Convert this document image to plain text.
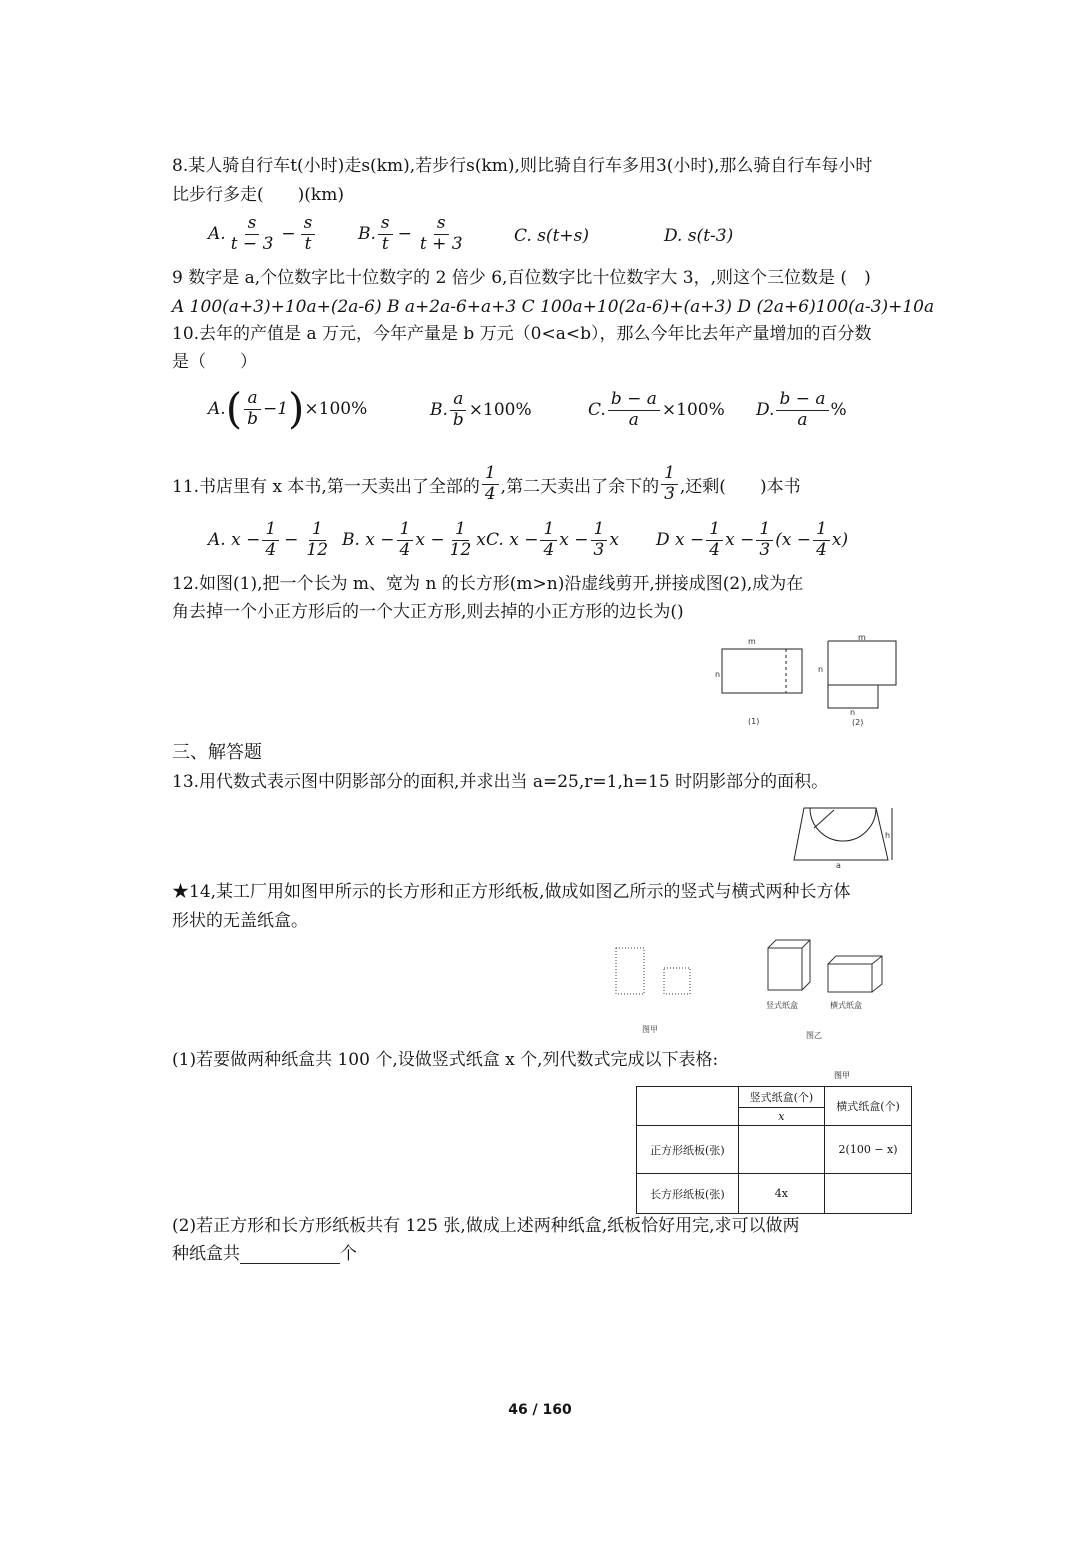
8.某人骑自行车t(小时)走s(km),若步行s(km),则比骑自行车多用3(小时),那么骑自行车每小时
比步行多走(　　)(km)
A. $\frac{s}{t - 3} - \frac{s}{t}$	B. $\frac{s}{t} - \frac{s}{t + 3}$	C. s(t+s)	D. s(t-3)
9 数字是 a,个位数字比十位数字的 2 倍少 6,百位数字比十位数字大 3，,则这个三位数是 (　)
A 100(a+3)+10a+(2a-6) B a+2a-6+a+3 C 100a+10(2a-6)+(a+3) D (2a+6)100(a-3)+10a
10.去年的产值是 a 万元，今年产量是 b 万元（0<a<b），那么今年比去年产量增加的百分数
是（　　）
A. ( $\frac{a}{b} -1$ ) ×100%	B. $\frac{a}{b} \times 100\%$	C. $\frac{b - a}{a} \times 100\%$ D. $\frac{b - a}{a}$ %
11.书店里有 x 本书,第一天卖出了全部的 $\frac{1}{4}$ ,第二天卖出了余下的 $\frac{1}{3}$ ,还剩(　　)本书
A. $x - \frac{1}{4} - \frac{1}{12} B$. $x - \frac{1}{4}$ $x - \frac{1}{12}$ x C. $x - \frac{1}{4}$ $x - \frac{1}{3}$ x D $x - \frac{1}{4}$ $x - \frac{1}{3} (x - \frac{1}{4} x)$
12.如图(1),把一个长为 m、宽为 n 的长方形(m>n)沿虚线剪开,拼接成图(2),成为在
角去掉一个小正方形后的一个大正方形,则去掉的小正方形的边长为()
m
n
(1)
m
n
n
(2)
三、解答题
13.用代数式表示图中阴影部分的面积,并求出当 a=25,r=1,h=15 时阴影部分的面积。
h
a
★14,某工厂用如图甲所示的长方形和正方形纸板,做成如图乙所示的竖式与横式两种长方体
形状的无盖纸盒。
图甲
竖式纸盒	横式纸盒
图乙
(1)若要做两种纸盒共 100 个,设做竖式纸盒 x 个,列代数式完成以下表格:
图甲
	竖式纸盒(个)	横式纸盒(个)
	x	
正方形纸板(张)		2(100 − x)
长方形纸板(张)	4x	
(2)若正方形和长方形纸板共有 125 张,做成上述两种纸盒,纸板恰好用完,求可以做两
种纸盒共	个
46 / 160
